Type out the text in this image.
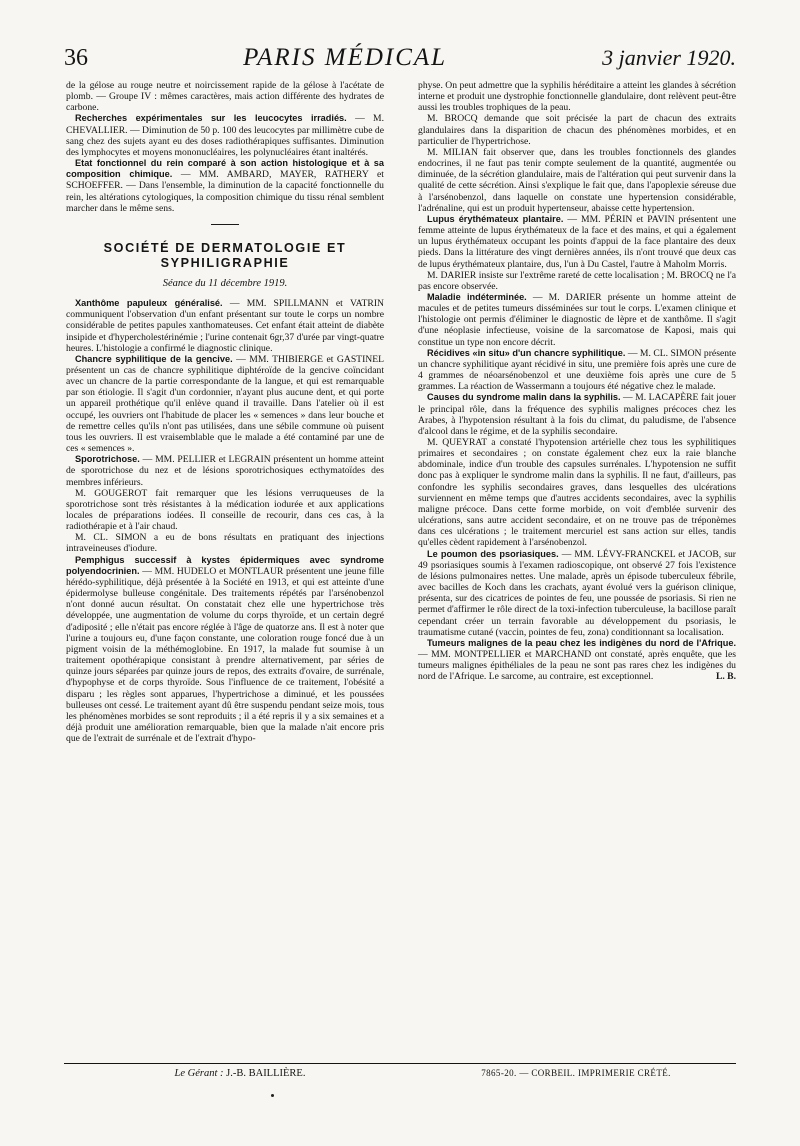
36	PARIS MÉDICAL	3 janvier 1920.

de la gélose au rouge neutre et noircissement rapide de la gélose à l'acétate de plomb. — Groupe IV : mêmes caractères, mais action différente des hydrates de carbone.

Recherches expérimentales sur les leucocytes irradiés. — M. CHEVALLIER. — Diminution de 50 p. 100 des leucocytes par millimètre cube de sang chez des sujets ayant eu des doses radiothérapiques suffisantes. Diminution des lymphocytes et moyens mononucléaires, les polynucléaires étant inaltérés.

Etat fonctionnel du rein comparé à son action histologique et à sa composition chimique. — MM. AMBARD, MAYER, RATHERY et SCHOEFFER. — Dans l'ensemble, la diminution de la capacité fonctionnelle du rein, les altérations cytologiques, la composition chimique du tissu rénal semblent marcher dans le même sens.

SOCIÉTÉ DE DERMATOLOGIE ET SYPHILIGRAPHIE
Séance du 11 décembre 1919.

Xanthôme papuleux généralisé. — MM. SPILLMANN et VATRIN communiquent l'observation d'un enfant présentant sur toute le corps un nombre considérable de petites papules xanthomateuses. Cet enfant était atteint de diabète insipide et d'hypercholestérinémie ; l'urine contenait 6gr,37 d'urée par vingt-quatre heures. L'histologie a confirmé le diagnostic clinique.

Chancre syphilitique de la gencive. — MM. THIBIERGE et GASTINEL présentent un cas de chancre syphilitique diphtéroïde de la gencive coïncidant avec un chancre de la partie correspondante de la langue, et qui est remarquable par son étiologie. Il s'agit d'un cordonnier, n'ayant plus aucune dent, et qui porte un appareil prothétique qu'il enlève quand il travaille. Dans l'atelier où il est occupé, les ouvriers ont l'habitude de placer les « semences » dans leur bouche et de remettre celles qu'ils n'ont pas utilisées, dans une sébile commune où puisent tous les ouvriers. Il est vraisemblable que le malade a été contaminé par une de ces « semences ».

Sporotrichose. — MM. PELLIER et LEGRAIN présentent un homme atteint de sporotrichose du nez et de lésions sporotrichosiques ecthymatoïdes des membres inférieurs.

M. GOUGEROT fait remarquer que les lésions verruqueuses de la sporotrichose sont très résistantes à la médication iodurée et aux applications locales de préparations iodées. Il conseille de recourir, dans ces cas, à la radiothérapie et à l'air chaud.

M. CL. SIMON a eu de bons résultats en pratiquant des injections intraveineuses d'iodure.

Pemphigus successif à kystes épidermiques avec syndrome polyendocrinien. — MM. HUDELO et MONTLAUR présentent une jeune fille hérédo-syphilitique, déjà présentée à la Société en 1913, et qui est atteinte d'une épidermolyse bulleuse congénitale. Des traitements répétés par l'arsénobenzol n'ont donné aucun résultat. On constatait chez elle une hypertrichose très développée, une augmentation de volume du corps thyroïde, et un certain degré d'adiposité ; elle n'était pas encore réglée à l'âge de quatorze ans. Il est à noter que l'urine a toujours eu, d'une façon constante, une coloration rouge foncé due à un pigment voisin de la méthémoglobine. En 1917, la malade fut soumise à un traitement opothérapique consistant à prendre alternativement, par séries de quinze jours séparées par quinze jours de repos, des extraits d'ovaire, de surrénale, d'hypophyse et de corps thyroïde. Sous l'influence de ce traitement, l'obésité a disparu ; les règles sont apparues, l'hypertrichose a diminué, et les poussées bulleuses ont cessé. Le traitement ayant dû être suspendu pendant seize mois, tous les phénomènes morbides se sont reproduits ; il a été repris il y a six semaines et a déjà produit une amélioration remarquable, bien que la malade n'ait encore pris que de l'extrait de surrénale et de l'extrait d'hypo-

physe. On peut admettre que la syphilis héréditaire a atteint les glandes à sécrétion interne et produit une dystrophie fonctionnelle glandulaire, dont relèvent peut-être aussi les troubles trophiques de la peau.

M. BROCQ demande que soit précisée la part de chacun des extraits glandulaires dans la disparition de chacun des phénomènes morbides, et en particulier de l'hypertrichose.

M. MILIAN fait observer que, dans les troubles fonctionnels des glandes endocrines, il ne faut pas tenir compte seulement de la quantité, augmentée ou diminuée, de la sécrétion glandulaire, mais de l'altération qui peut survenir dans la qualité de cette sécrétion. Ainsi s'explique le fait que, dans l'apoplexie séreuse due à l'arsénobenzol, dans laquelle on constate une hypertension considérable, l'adrénaline, qui est un produit hypertenseur, abaisse cette hypertension.

Lupus érythémateux plantaire. — MM. PÉRIN et PAVIN présentent une femme atteinte de lupus érythémateux de la face et des mains, et qui a également un lupus érythémateux occupant les points d'appui de la face plantaire des deux pieds. Dans la littérature des vingt dernières années, ils n'ont trouvé que deux cas de lupus érythémateux plantaire, dus, l'un à Du Castel, l'autre à Maholm Morris.

M. DARIER insiste sur l'extrême rareté de cette localisation ; M. BROCQ ne l'a pas encore observée.

Maladie indéterminée. — M. DARIER présente un homme atteint de macules et de petites tumeurs disséminées sur tout le corps. L'examen clinique et l'histologie ont permis d'éliminer le diagnostic de lèpre et de xanthôme. Il s'agit d'une néoplasie infectieuse, voisine de la sarcomatose de Kaposi, mais qui constitue un type non encore décrit.

Récidives «in situ» d'un chancre syphilitique. — M. CL. SIMON présente un chancre syphilitique ayant récidivé in situ, une première fois après une cure de 4 grammes de néoarsénobenzol et une deuxième fois après une cure de 5 grammes. La réaction de Wassermann a toujours été négative chez le malade.

Causes du syndrome malin dans la syphilis. — M. LACAPÈRE fait jouer le principal rôle, dans la fréquence des syphilis malignes précoces chez les Arabes, à l'hypotension résultant à la fois du climat, du paludisme, de l'absence d'alcool dans le régime, et de la syphilis secondaire.

M. QUEYRAT a constaté l'hypotension artérielle chez tous les syphilitiques primaires et secondaires ; on constate également chez eux la raie blanche abdominale, indice d'un trouble des capsules surrénales. L'hypotension ne suffit donc pas à expliquer le syndrome malin dans la syphilis. Il ne faut, d'ailleurs, pas confondre les syphilis secondaires graves, dans lesquelles des ulcérations surviennent en même temps que d'autres accidents secondaires, avec la syphilis maligne précoce. Dans cette forme morbide, on voit d'emblée survenir des ulcérations, sans autre accident secondaire, et on ne trouve pas de tréponèmes dans ces ulcérations ; le traitement mercuriel est sans action sur elles, tandis qu'elles cèdent rapidement à l'arsénobenzol.

Le poumon des psoriasiques. — MM. LÉVY-FRANCKEL et JACOB, sur 49 psoriasiques soumis à l'examen radioscopique, ont observé 27 fois l'existence de lésions pulmonaires nettes. Une malade, après un épisode tuberculeux fébrile, avec bacilles de Koch dans les crachats, ayant évolué vers la guérison clinique, présenta, sur des cicatrices de pointes de feu, une poussée de psoriasis. Si rien ne permet d'affirmer le rôle direct de la toxi-infection tuberculeuse, la bacillose paraît cependant créer un terrain favorable au développement du psoriasis, le traumatisme cutané (vaccin, pointes de feu, zona) conditionnant sa localisation.

Tumeurs malignes de la peau chez les indigènes du nord de l'Afrique. — MM. MONTPELLIER et MARCHAND ont constaté, après enquête, que les tumeurs malignes épithéliales de la peau ne sont pas rares chez les indigènes du nord de l'Afrique. Le sarcome, au contraire, est exceptionnel.	L. B.

Le Gérant : J.-B. BAILLIÈRE.	7865-20. — CORBEIL. IMPRIMERIE CRÉTÉ.
